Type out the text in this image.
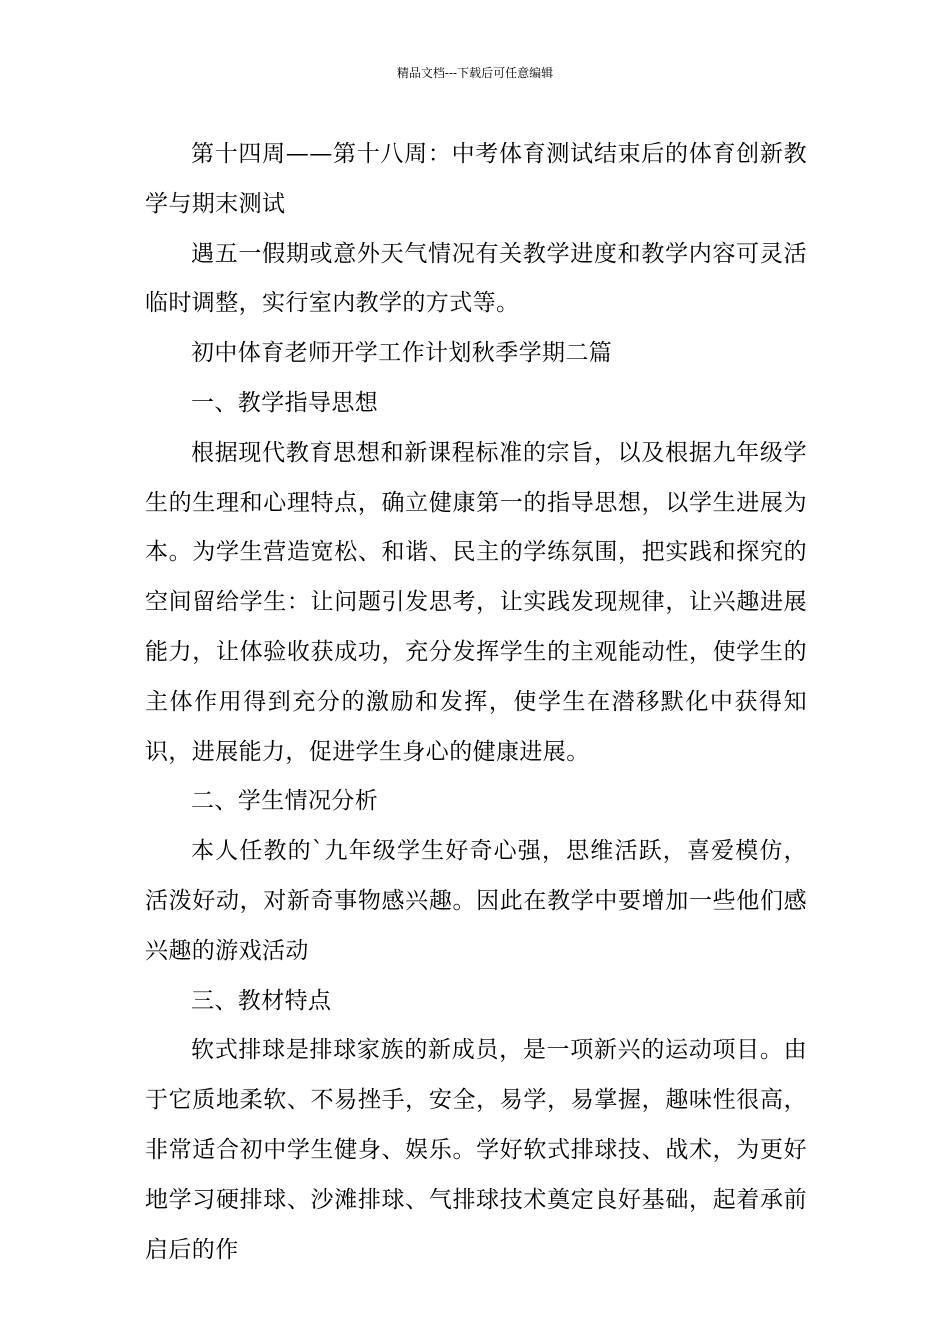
精品文档---下载后可任意编辑

第十四周——第十八周：中考体育测试结束后的体育创新教学与期末测试

遇五一假期或意外天气情况有关教学进度和教学内容可灵活临时调整，实行室内教学的方式等。

初中体育老师开学工作计划秋季学期二篇

一、教学指导思想

根据现代教育思想和新课程标准的宗旨，以及根据九年级学生的生理和心理特点，确立健康第一的指导思想，以学生进展为本。为学生营造宽松、和谐、民主的学练氛围，把实践和探究的空间留给学生：让问题引发思考，让实践发现规律，让兴趣进展能力，让体验收获成功，充分发挥学生的主观能动性，使学生的主体作用得到充分的激励和发挥，使学生在潜移默化中获得知识，进展能力，促进学生身心的健康进展。

二、学生情况分析

本人任教的`九年级学生好奇心强，思维活跃，喜爱模仿，活泼好动，对新奇事物感兴趣。因此在教学中要增加一些他们感兴趣的游戏活动

三、教材特点

软式排球是排球家族的新成员，是一项新兴的运动项目。由于它质地柔软、不易挫手，安全，易学，易掌握，趣味性很高，非常适合初中学生健身、娱乐。学好软式排球技、战术，为更好地学习硬排球、沙滩排球、气排球技术奠定良好基础，起着承前启后的作
